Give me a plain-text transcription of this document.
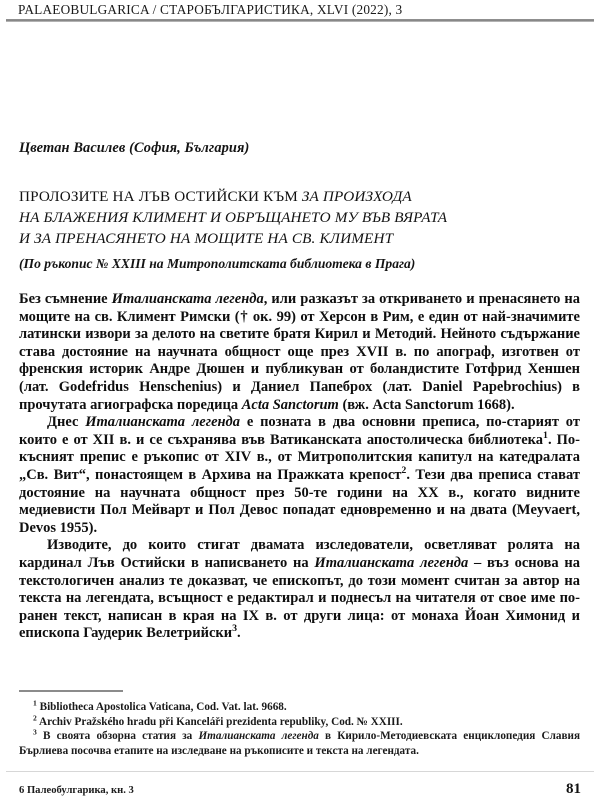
PALAEOBULGARICA / СТАРОБЪЛГАРИСТИКА, XLVI (2022), 3
Цветан Василев (София, България)
ПРОЛОЗИТЕ НА ЛЪВ ОСТИЙСКИ КЪМ ЗА ПРОИЗХОДА
НА БЛАЖЕНИЯ КЛИМЕНТ И ОБРЪЩАНЕТО МУ ВЪВ ВЯРАТА
И ЗА ПРЕНАСЯНЕТО НА МОЩИТЕ НА СВ. КЛИМЕНТ
(По ръкопис № XXIII на Митрополитската библиотека в Прага)

Без съмнение Италианската легенда, или разказът за откриването и пренасянето на мощите на св. Климент Римски († ок. 99) от Херсон в Рим, е един от най-значимите латински извори за делото на светите братя Кирил и Методий. Нейното съдържание става достояние на научната общност още през XVII в. по апограф, изготвен от френския историк Андре Дюшен и публикуван от боландистите Готфрид Хеншен (лат. Godefridus Henschenius) и Даниел Папеброх (лат. Daniel Papebrochius) в прочутата агиографска поредица Acta Sanctorum (вж. Acta Sanctorum 1668).

Днес Италианската легенда е позната в два основни преписа, по-старият от които е от XII в. и се съхранява във Ватиканската апостолическа библиотека$^1$. По-късният препис е ръкопис от XIV в., от Митрополитския капитул на катедралата „Св. Вит“, понастоящем в Архива на Пражката крепост$^2$. Тези два преписа стават достояние на научната общност през 50-те години на XX в., когато видните медиевисти Пол Мейварт и Пол Девос попадат едновременно и на двата (Meyvaert, Devos 1955).

Изводите, до които стигат двамата изследователи, осветляват ролята на кардинал Лъв Остийски в написването на Италианската легенда – въз основа на текстологичен анализ те доказват, че епископът, до този момент считан за автор на текста на легендата, всъщност е редактирал и поднесъл на читателя от свое име по-ранен текст, написан в края на IX в. от други лица: от монаха Йоан Химонид и епископа Гаудерик Велетрийски$^3$.

$^1$ Bibliotheca Apostolica Vaticana, Cod. Vat. lat. 9668.
$^2$ Archiv Pražského hradu při Kanceláři prezidenta republiky, Cod. № XXIII.
$^3$ В своята обзорна статия за Италианската легенда в Кирило-Методиевската енциклопедия Славия Бърлиева посочва етапите на изследване на ръкописите и текста на легендата.
6 Палеобулгарика, кн. 3	81
